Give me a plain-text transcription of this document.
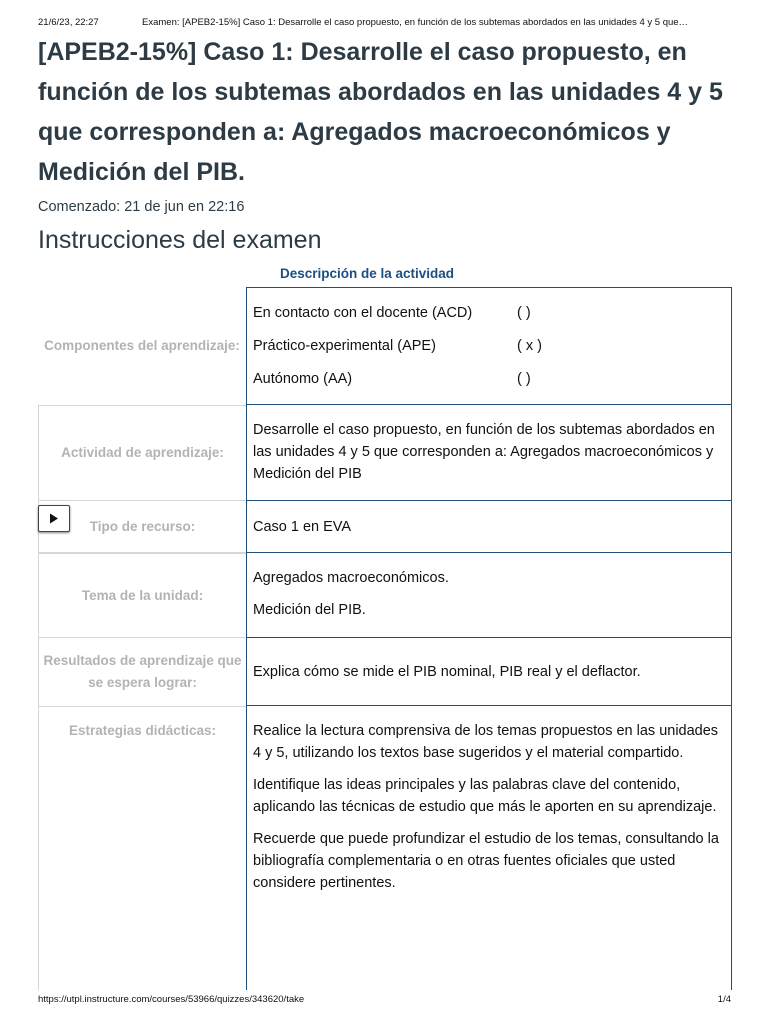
21/6/23, 22:27	Examen: [APEB2-15%] Caso 1: Desarrolle el caso propuesto, en función de los subtemas abordados en las unidades 4 y 5 que…
[APEB2-15%] Caso 1: Desarrolle el caso propuesto, en función de los subtemas abordados en las unidades 4 y 5 que corresponden a: Agregados macroeconómicos y Medición del PIB.
Comenzado: 21 de jun en 22:16
Instrucciones del examen
Descripción de la actividad
Componentes del aprendizaje:
En contacto con el docente (ACD)	( )
Práctico-experimental (APE)	( x )
Autónomo (AA)	( )
Actividad de aprendizaje:

Desarrolle el caso propuesto, en función de los subtemas abordados en las unidades 4 y 5 que corresponden a: Agregados macroeconómicos y Medición del PIB

Tipo de recurso:	Caso 1 en EVA

Tema de la unidad:

Agregados macroeconómicos.

Medición del PIB.

Resultados de aprendizaje que se espera lograr:

Explica cómo se mide el PIB nominal, PIB real y el deflactor.

Estrategias didácticas:	Realice la lectura comprensiva de los temas propuestos en las unidades 4 y 5, utilizando los textos base sugeridos y el material compartido.

Identifique las ideas principales y las palabras clave del contenido, aplicando las técnicas de estudio que más le aporten en su aprendizaje.

Recuerde que puede profundizar el estudio de los temas, consultando la bibliografía complementaria o en otras fuentes oficiales que usted considere pertinentes.

https://utpl.instructure.com/courses/53966/quizzes/343620/take	1/4
